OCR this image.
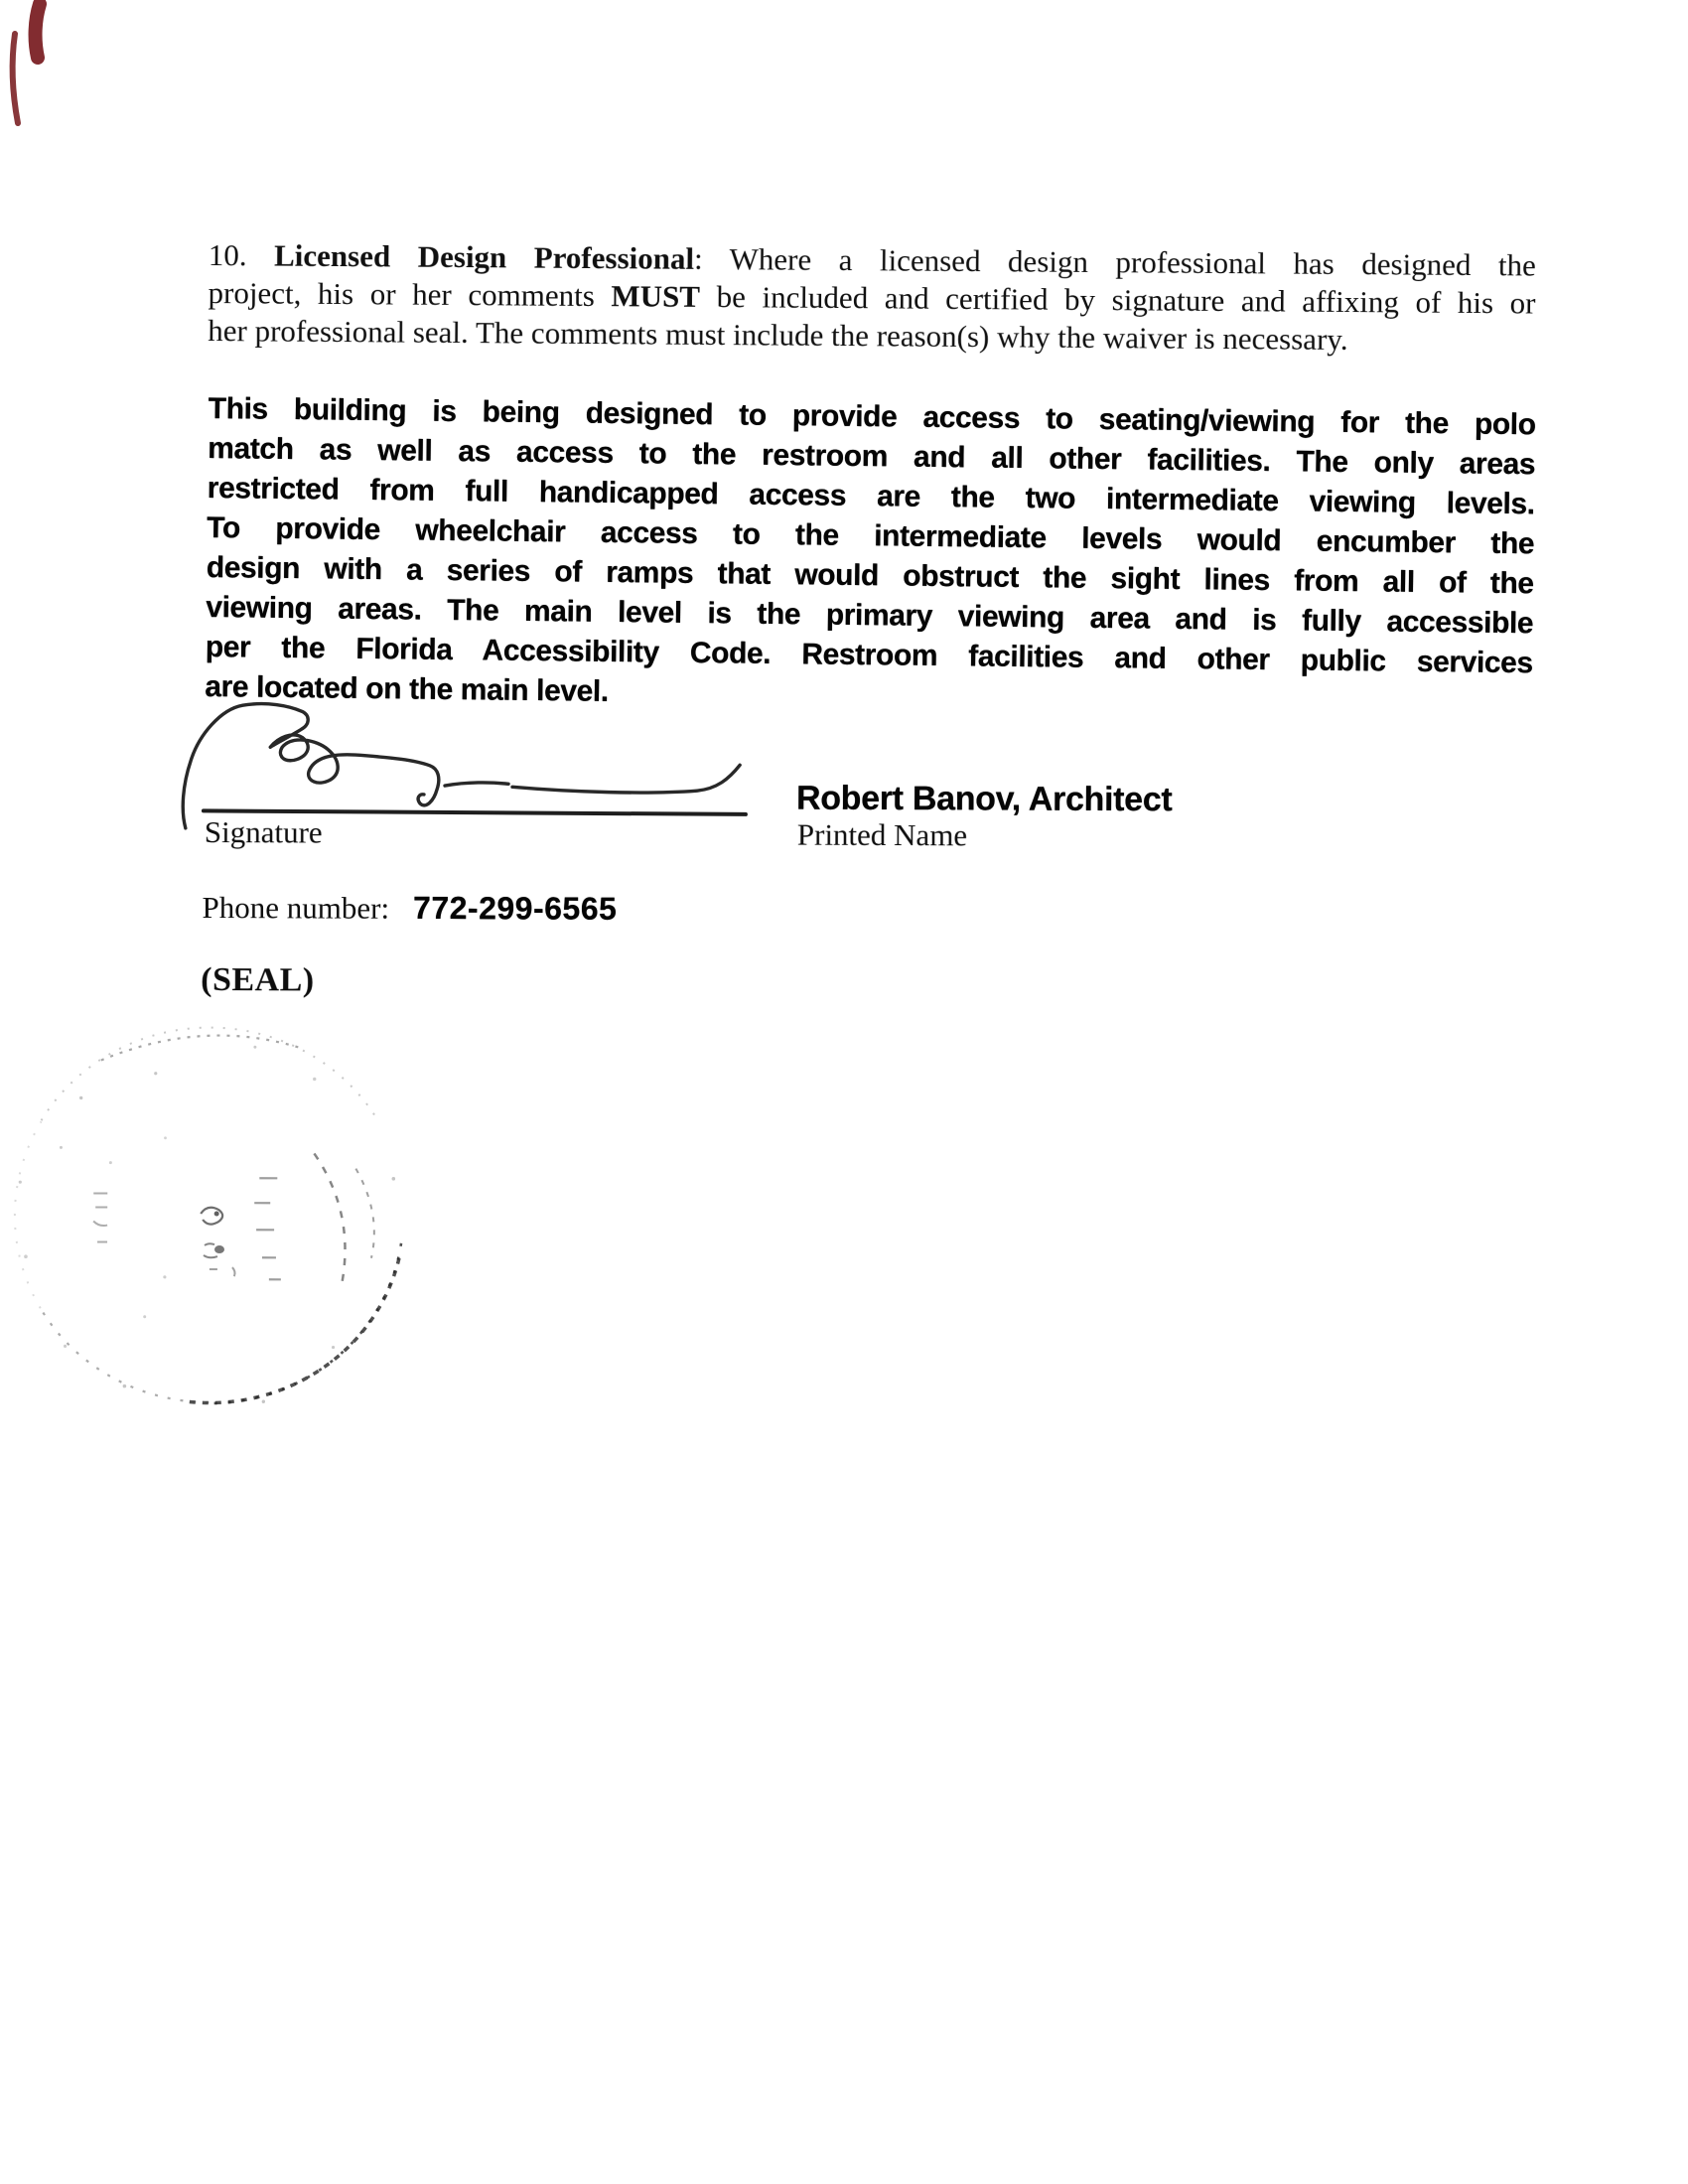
10. Licensed Design Professional: Where a licensed design professional has designed the
project, his or her comments MUST be included and certified by signature and affixing of his or
her professional seal. The comments must include the reason(s) why the waiver is necessary.
This building is being designed to provide access to seating/viewing for the polo
match as well as access to the restroom and all other facilities. The only areas
restricted from full handicapped access are the two intermediate viewing levels.
To provide wheelchair access to the intermediate levels would encumber the
design with a series of ramps that would obstruct the sight lines from all of the
viewing areas. The main level is the primary viewing area and is fully accessible
per the Florida Accessibility Code. Restroom facilities and other public services
are located on the main level.
Signature
Robert Banov, Architect
Printed Name
Phone number: 772-299-6565
(SEAL)
